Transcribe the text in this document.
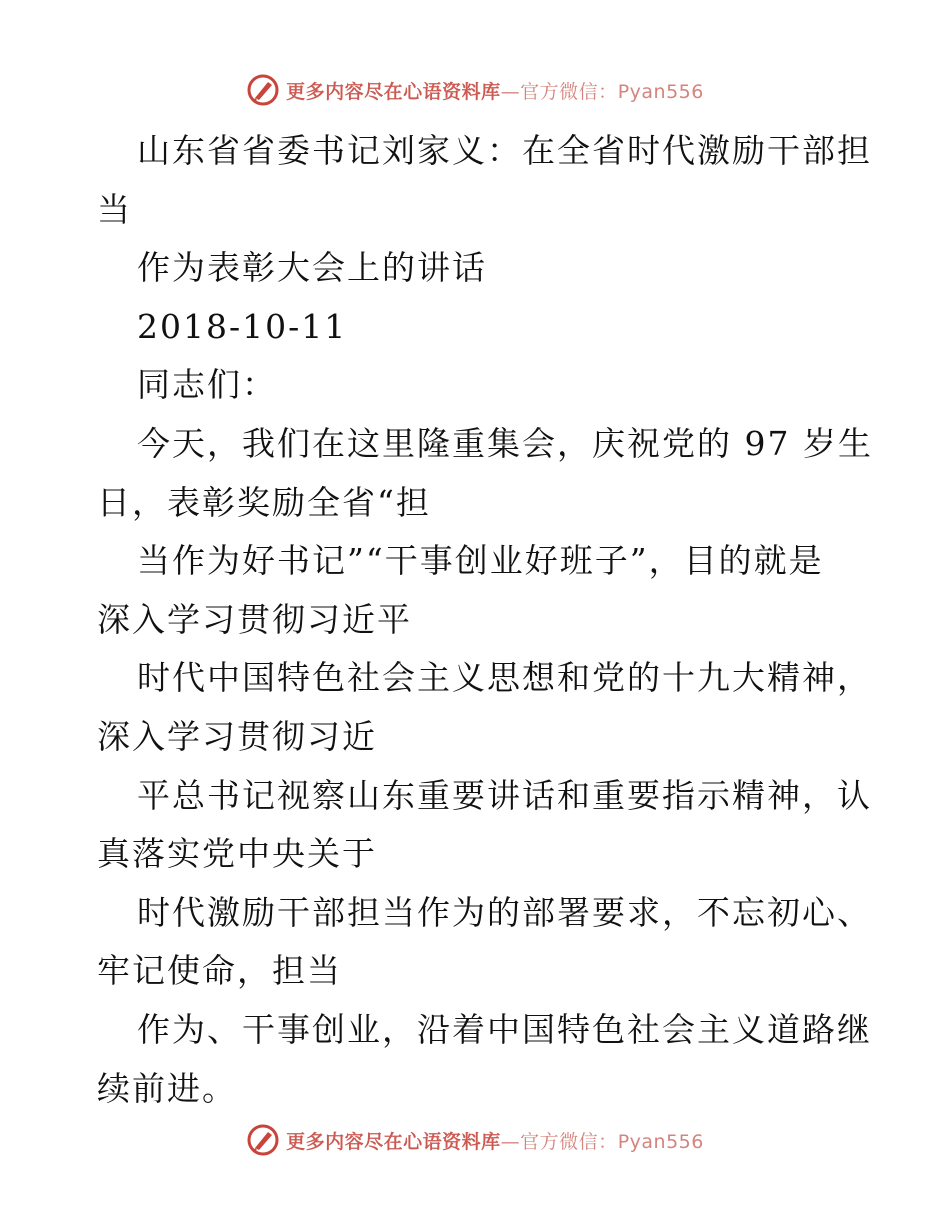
更多内容尽在心语资料库—官方微信：Pyan556
山东省省委书记刘家义：在全省时代激励干部担
当
作为表彰大会上的讲话
2018-10-11
同志们：
今天，我们在这里隆重集会，庆祝党的 97 岁生
日，表彰奖励全省“担
当作为好书记”“干事创业好班子”，目的就是
深入学习贯彻习近平
时代中国特色社会主义思想和党的十九大精神，
深入学习贯彻习近
平总书记视察山东重要讲话和重要指示精神，认
真落实党中央关于
时代激励干部担当作为的部署要求，不忘初心、
牢记使命，担当
作为、干事创业，沿着中国特色社会主义道路继
续前进。
更多内容尽在心语资料库—官方微信：Pyan556
